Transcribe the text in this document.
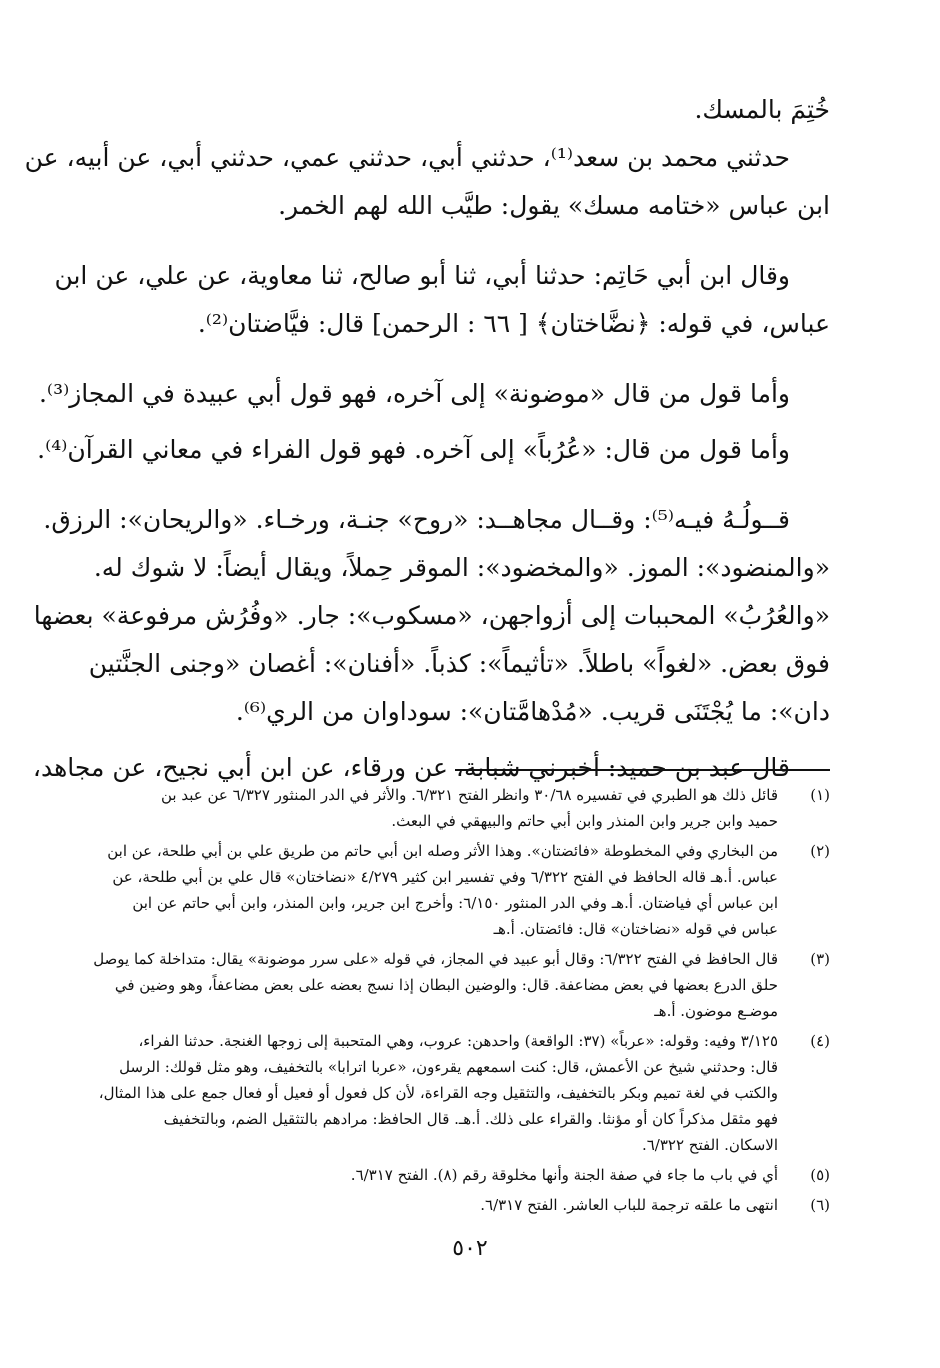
خُتِمَ بالمسك.
حدثني محمد بن سعد⁽¹⁾، حدثني أبي، حدثني عمي، حدثني أبي، عن أبيه، عن
ابن عباس «ختامه مسك» يقول: طيَّب الله لهم الخمر.
وقال ابن أبي حَاتِم: حدثنا أبي، ثنا أبو صالح، ثنا معاوية، عن علي، عن ابن
عباس، في قوله: ﴿نضَّاختان﴾ [ ٦٦ : الرحمن] قال: فيَّاضتان⁽²⁾.
وأما قول من قال «موضونة» إلى آخره، فهو قول أبي عبيدة في المجاز⁽³⁾.
وأما قول من قال: «عُرُباً» إلى آخره. فهو قول الفراء في معاني القرآن⁽⁴⁾.
قــولُـهُ فيـه⁽⁵⁾: وقــال مجاهــد: «روح» جنـة، ورخـاء. «والريحان»: الرزق.
«والمنضود»: الموز. «والمخضود»: الموقر حِملاً، ويقال أيضاً: لا شوك له.
«والعُرُبُ» المحببات إلى أزواجهن، «مسكوب»: جار. «وفُرُش مرفوعة» بعضها
فوق بعض. «لغواً» باطلاً. «تأثيماً»: كذباً. «أفنان»: أغصان «وجنى الجنَّتين
دان»: ما يُجْتَنَى قريب. «مُدْهامَّتان»: سوداوان من الري⁽⁶⁾.
قال عبد بن حميد: أخبرني شبابة، عن ورقاء، عن ابن أبي نجيح، عن مجاهد،
(١)
قائل ذلك هو الطبري في تفسيره ٣٠/٦٨ وانظر الفتح ٦/٣٢١. والأثر في الدر المنثور ٦/٣٢٧ عن عبد بن
حميد وابن جرير وابن المنذر وابن أبي حاتم والبيهقي في البعث.
(٢)
من البخاري وفي المخطوطة «فائضتان». وهذا الأثر وصله ابن أبي حاتم من طريق علي بن أبي طلحة، عن ابن
عباس. أ.هـ قاله الحافظ في الفتح ٦/٣٢٢ وفي تفسير ابن كثير ٤/٢٧٩ «نضاختان» قال علي بن أبي طلحة، عن
ابن عباس أي فياضتان. أ.هـ وفي الدر المنثور ٦/١٥٠: وأخرج ابن جرير، وابن المنذر، وابن أبي حاتم عن ابن
عباس في قوله «نضاختان» قال: فائضتان. أ.هـ
(٣)
قال الحافظ في الفتح ٦/٣٢٢: وقال أبو عبيد في المجاز، في قوله «على سرر موضونة» يقال: متداخلة كما يوصل
حلق الدرع بعضها في بعض مضاعفة. قال: والوضين البطان إذا نسج بعضه على بعض مضاعفاً، وهو وضين في
موضـع موضون. أ.هـ
(٤)
٣/١٢٥ وفيه: وقوله: «عرباً» (٣٧: الواقعة) واحدهن: عروب، وهي المتحببة إلى زوجها الغنجة. حدثنا الفراء،
قال: وحدثني شيخ عن الأعمش، قال: كنت اسمعهم يقرءون، «عربا اترابا» بالتخفيف، وهو مثل قولك: الرسل
والكتب في لغة تميم وبكر بالتخفيف، والتثقيل وجه القراءة، لأن كل فعول أو فعيل أو فعال جمع على هذا المثال،
فهو مثقل مذكراً كان أو مؤنثا. والقراء على ذلك. أ.هـ. قال الحافظ: مرادهم بالتثقيل الضم، وبالتخفيف
الاسكان. الفتح ٦/٣٢٢.
(٥)
أي في باب ما جاء في صفة الجنة وأنها مخلوقة رقم (٨). الفتح ٦/٣١٧.
(٦)
انتهى ما علقه ترجمة للباب العاشر. الفتح ٦/٣١٧.
٥٠٢
